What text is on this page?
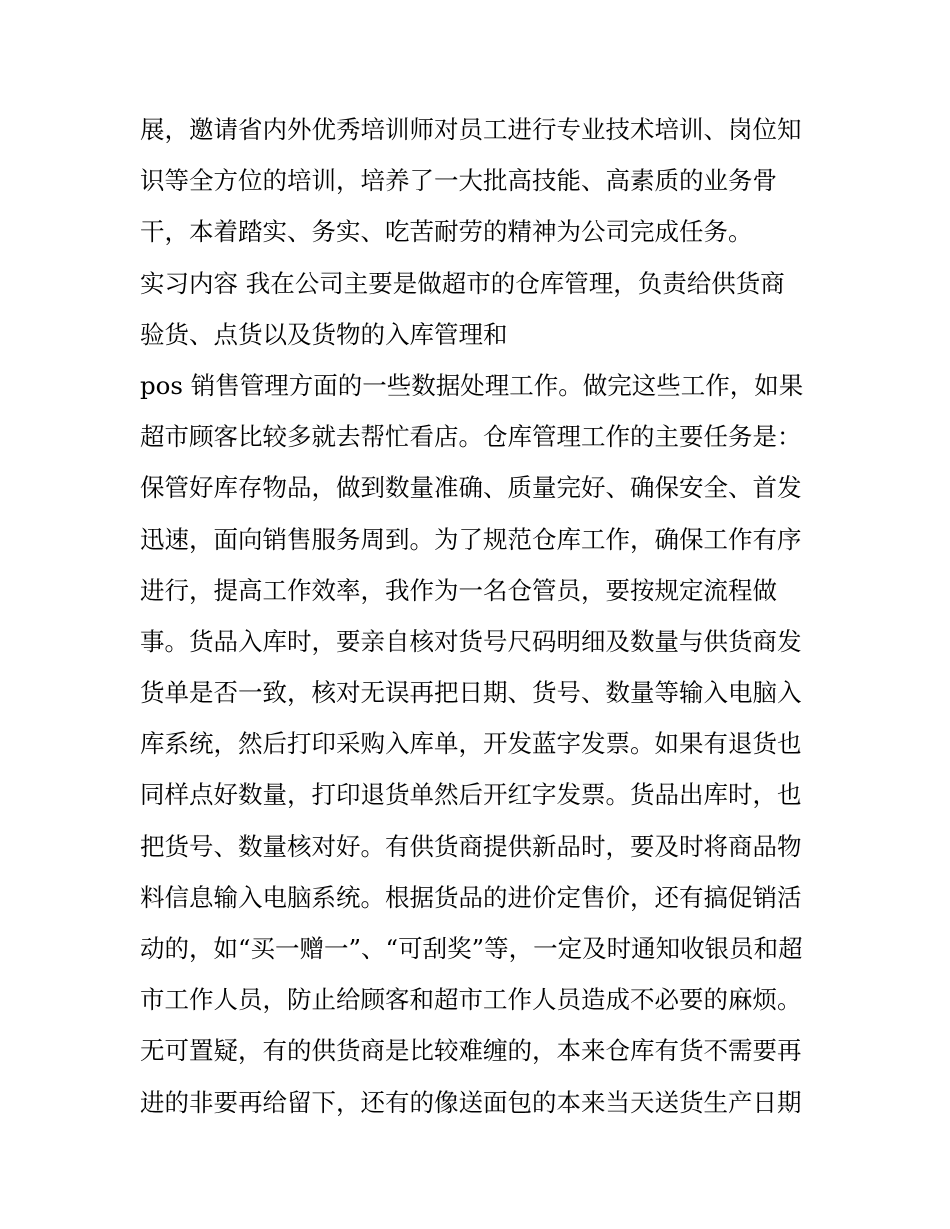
展，邀请省内外优秀培训师对员工进行专业技术培训、岗位知
识等全方位的培训，培养了一大批高技能、高素质的业务骨
干，本着踏实、务实、吃苦耐劳的精神为公司完成任务。
实习内容 我在公司主要是做超市的仓库管理，负责给供货商
验货、点货以及货物的入库管理和
pos 销售管理方面的一些数据处理工作。做完这些工作，如果
超市顾客比较多就去帮忙看店。仓库管理工作的主要任务是：
保管好库存物品，做到数量准确、质量完好、确保安全、首发
迅速，面向销售服务周到。为了规范仓库工作，确保工作有序
进行，提高工作效率，我作为一名仓管员，要按规定流程做
事。货品入库时，要亲自核对货号尺码明细及数量与供货商发
货单是否一致，核对无误再把日期、货号、数量等输入电脑入
库系统，然后打印采购入库单，开发蓝字发票。如果有退货也
同样点好数量，打印退货单然后开红字发票。货品出库时，也
把货号、数量核对好。有供货商提供新品时，要及时将商品物
料信息输入电脑系统。根据货品的进价定售价，还有搞促销活
动的，如“买一赠一”、“可刮奖”等，一定及时通知收银员和超
市工作人员，防止给顾客和超市工作人员造成不必要的麻烦。
无可置疑，有的供货商是比较难缠的，本来仓库有货不需要再
进的非要再给留下，还有的像送面包的本来当天送货生产日期
